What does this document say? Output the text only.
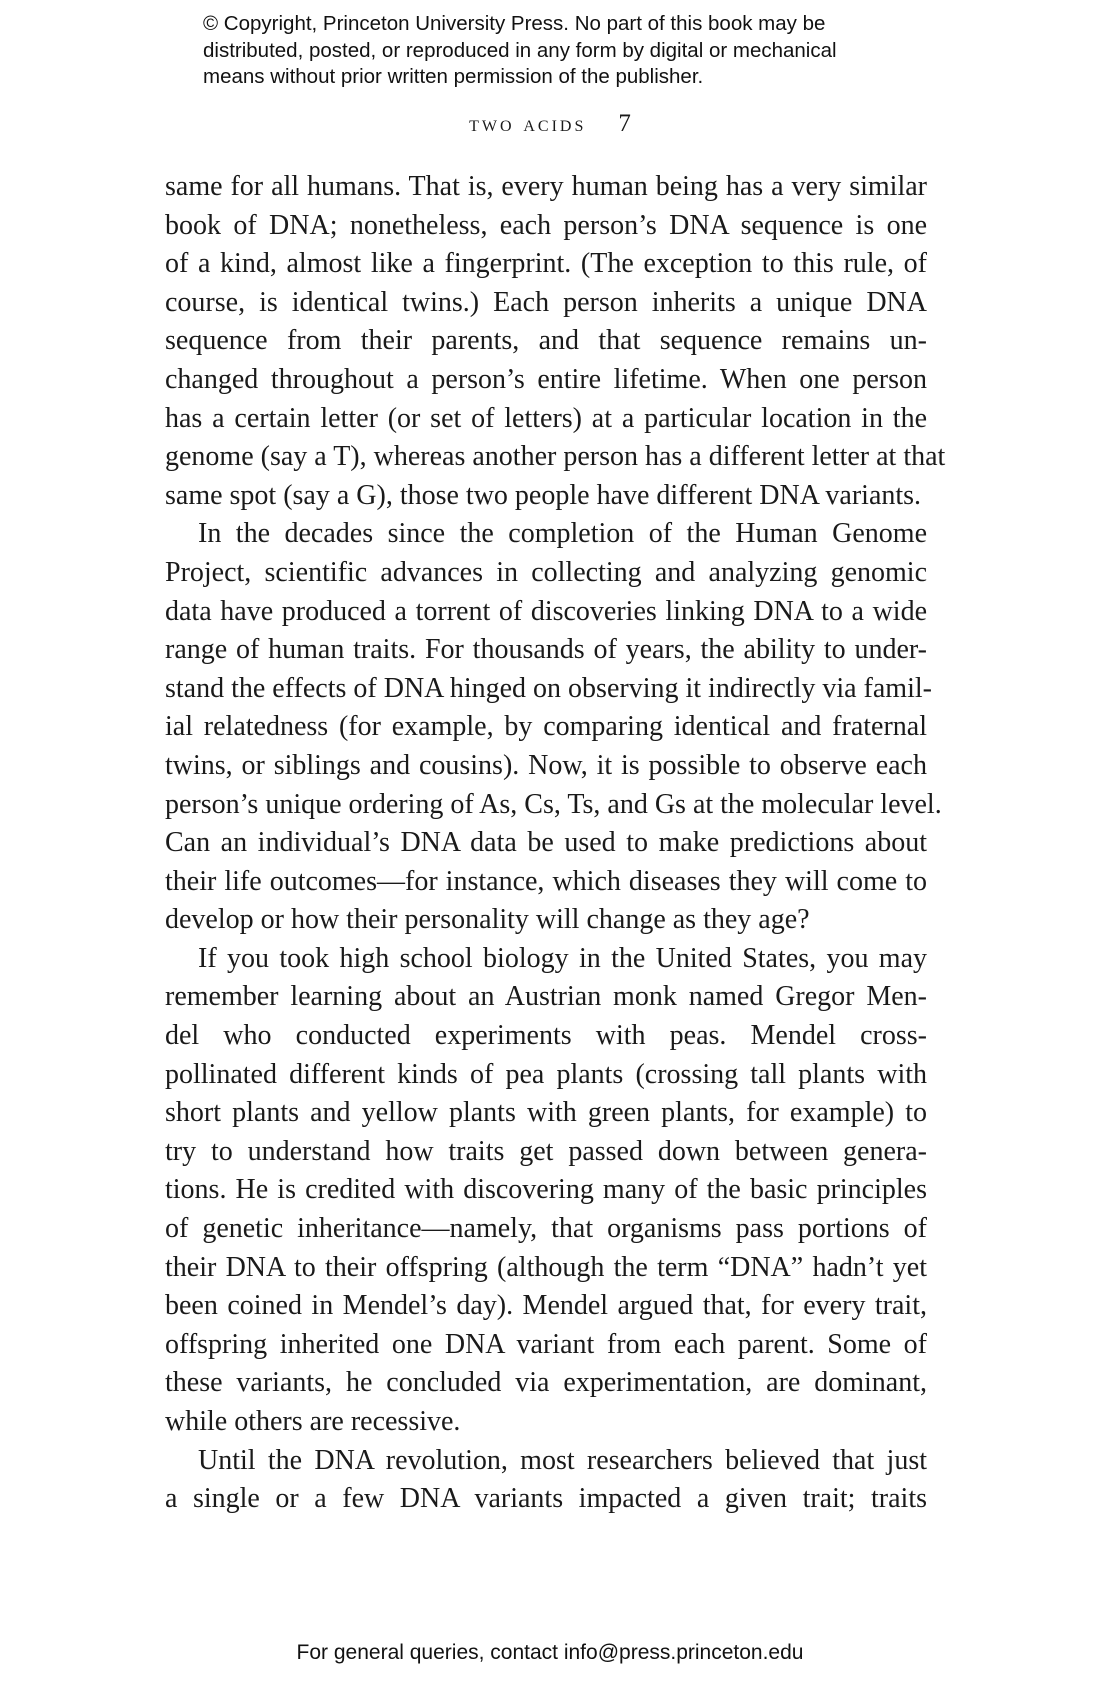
© Copyright, Princeton University Press. No part of this book may be
distributed, posted, or reproduced in any form by digital or mechanical
means without prior written permission of the publisher.
two acids 7
same for all humans. That is, every human being has a very similar
book of DNA; nonetheless, each person’s DNA sequence is one
of a kind, almost like a fingerprint. (The exception to this rule, of
course, is identical twins.) Each person inherits a unique DNA
sequence from their parents, and that sequence remains un-
changed throughout a person’s entire lifetime. When one person
has a certain letter (or set of letters) at a particular location in the
genome (say a T), whereas another person has a different letter at that
same spot (say a G), those two people have different DNA variants.
In the decades since the completion of the Human Genome
Project, scientific advances in collecting and analyzing genomic
data have produced a torrent of discoveries linking DNA to a wide
range of human traits. For thousands of years, the ability to under-
stand the effects of DNA hinged on observing it indirectly via famil-
ial relatedness (for example, by comparing identical and fraternal
twins, or siblings and cousins). Now, it is possible to observe each
person’s unique ordering of As, Cs, Ts, and Gs at the molecular level.
Can an individual’s DNA data be used to make predictions about
their life outcomes—for instance, which diseases they will come to
develop or how their personality will change as they age?
If you took high school biology in the United States, you may
remember learning about an Austrian monk named Gregor Men-
del who conducted experiments with peas. Mendel cross-
pollinated different kinds of pea plants (crossing tall plants with
short plants and yellow plants with green plants, for example) to
try to understand how traits get passed down between genera-
tions. He is credited with discovering many of the basic principles
of genetic inheritance—namely, that organisms pass portions of
their DNA to their offspring (although the term “DNA” hadn’t yet
been coined in Mendel’s day). Mendel argued that, for every trait,
offspring inherited one DNA variant from each parent. Some of
these variants, he concluded via experimentation, are dominant,
while others are recessive.
Until the DNA revolution, most researchers believed that just
a single or a few DNA variants impacted a given trait; traits
For general queries, contact info@press.princeton.edu
